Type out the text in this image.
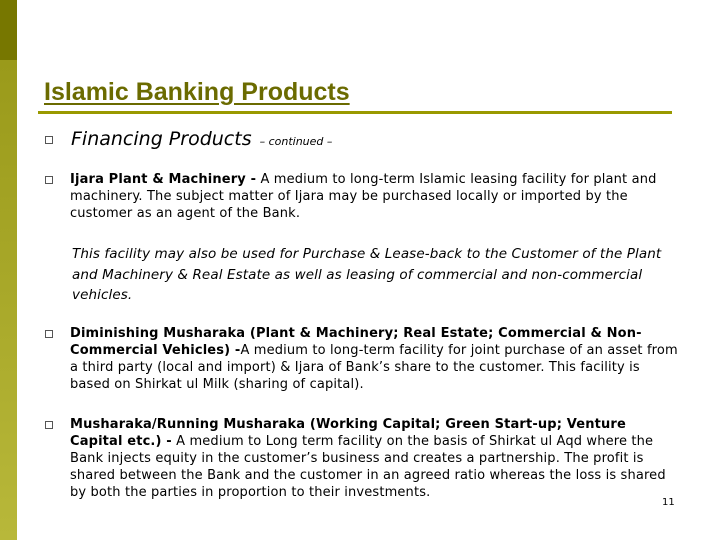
Islamic Banking Products
Financing Products – continued –
Ijara Plant & Machinery - A medium to long-term Islamic leasing facility for plant and machinery. The subject matter of Ijara may be purchased locally or imported by the customer as an agent of the Bank.
This facility may also be used for Purchase & Lease-back to the Customer of the Plant and Machinery & Real Estate as well as leasing of commercial and non-commercial vehicles.
Diminishing Musharaka (Plant & Machinery; Real Estate; Commercial & Non-Commercial Vehicles) -A medium to long-term facility for joint purchase of an asset from a third party (local and import) & Ijara of Bank’s share to the customer. This facility is based on Shirkat ul Milk (sharing of capital).
Musharaka/Running Musharaka (Working Capital; Green Start-up; Venture Capital etc.) - A medium to Long term facility on the basis of Shirkat ul Aqd where the Bank injects equity in the customer’s business and creates a partnership. The profit is shared between the Bank and the customer in an agreed ratio whereas the loss is shared by both the parties in proportion to their investments.
11
